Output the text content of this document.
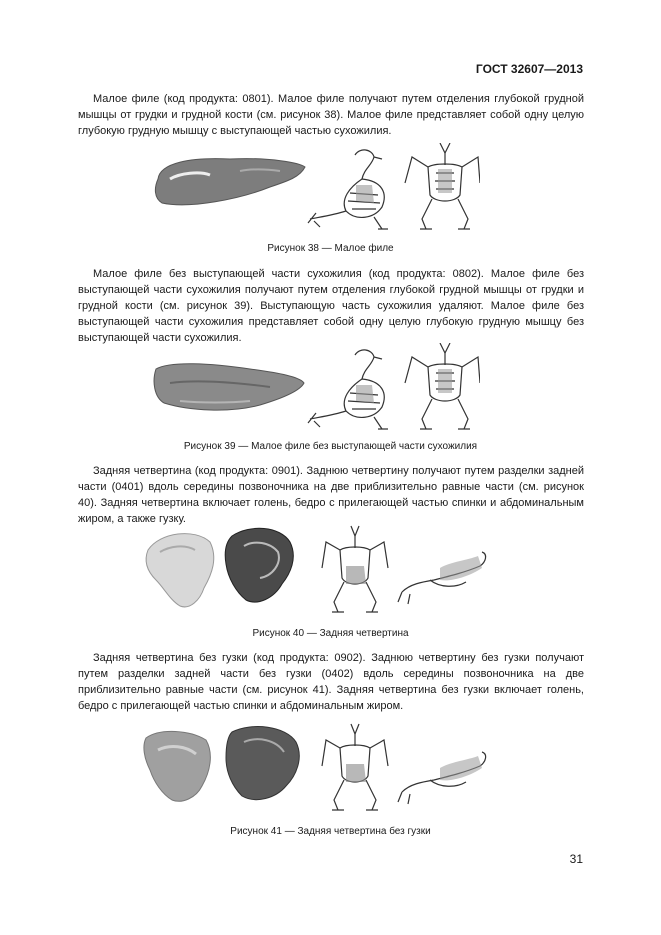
ГОСТ 32607—2013

Малое филе (код продукта: 0801). Малое филе получают путем отделения глубокой грудной мышцы от грудки и грудной кости (см. рисунок 38). Малое филе представляет собой одну целую глубокую грудную мышцу с выступающей частью сухожилия.

Рисунок 38 — Малое филе

Малое филе без выступающей части сухожилия (код продукта: 0802). Малое филе без выступающей части сухожилия получают путем отделения глубокой грудной мышцы от грудки и грудной кости (см. рисунок 39). Выступающую часть сухожилия удаляют. Малое филе без выступающей части сухожилия представляет собой одну целую глубокую грудную мышцу без выступающей части сухожилия.

Рисунок 39 — Малое филе без выступающей части сухожилия

Задняя четвертина (код продукта: 0901). Заднюю четвертину получают путем разделки задней части (0401) вдоль середины позвоночника на две приблизительно равные части (см. рисунок 40). Задняя четвертина включает голень, бедро с прилегающей частью спинки и абдоминальным жиром, а также гузку.

Рисунок 40 — Задняя четвертина

Задняя четвертина без гузки (код продукта: 0902). Заднюю четвертину без гузки получают путем разделки задней части без гузки (0402) вдоль середины позвоночника на две приблизительно равные части (см. рисунок 41). Задняя четвертина без гузки включает голень, бедро с прилегающей частью спинки и абдоминальным жиром.

Рисунок 41 — Задняя четвертина без гузки
31
